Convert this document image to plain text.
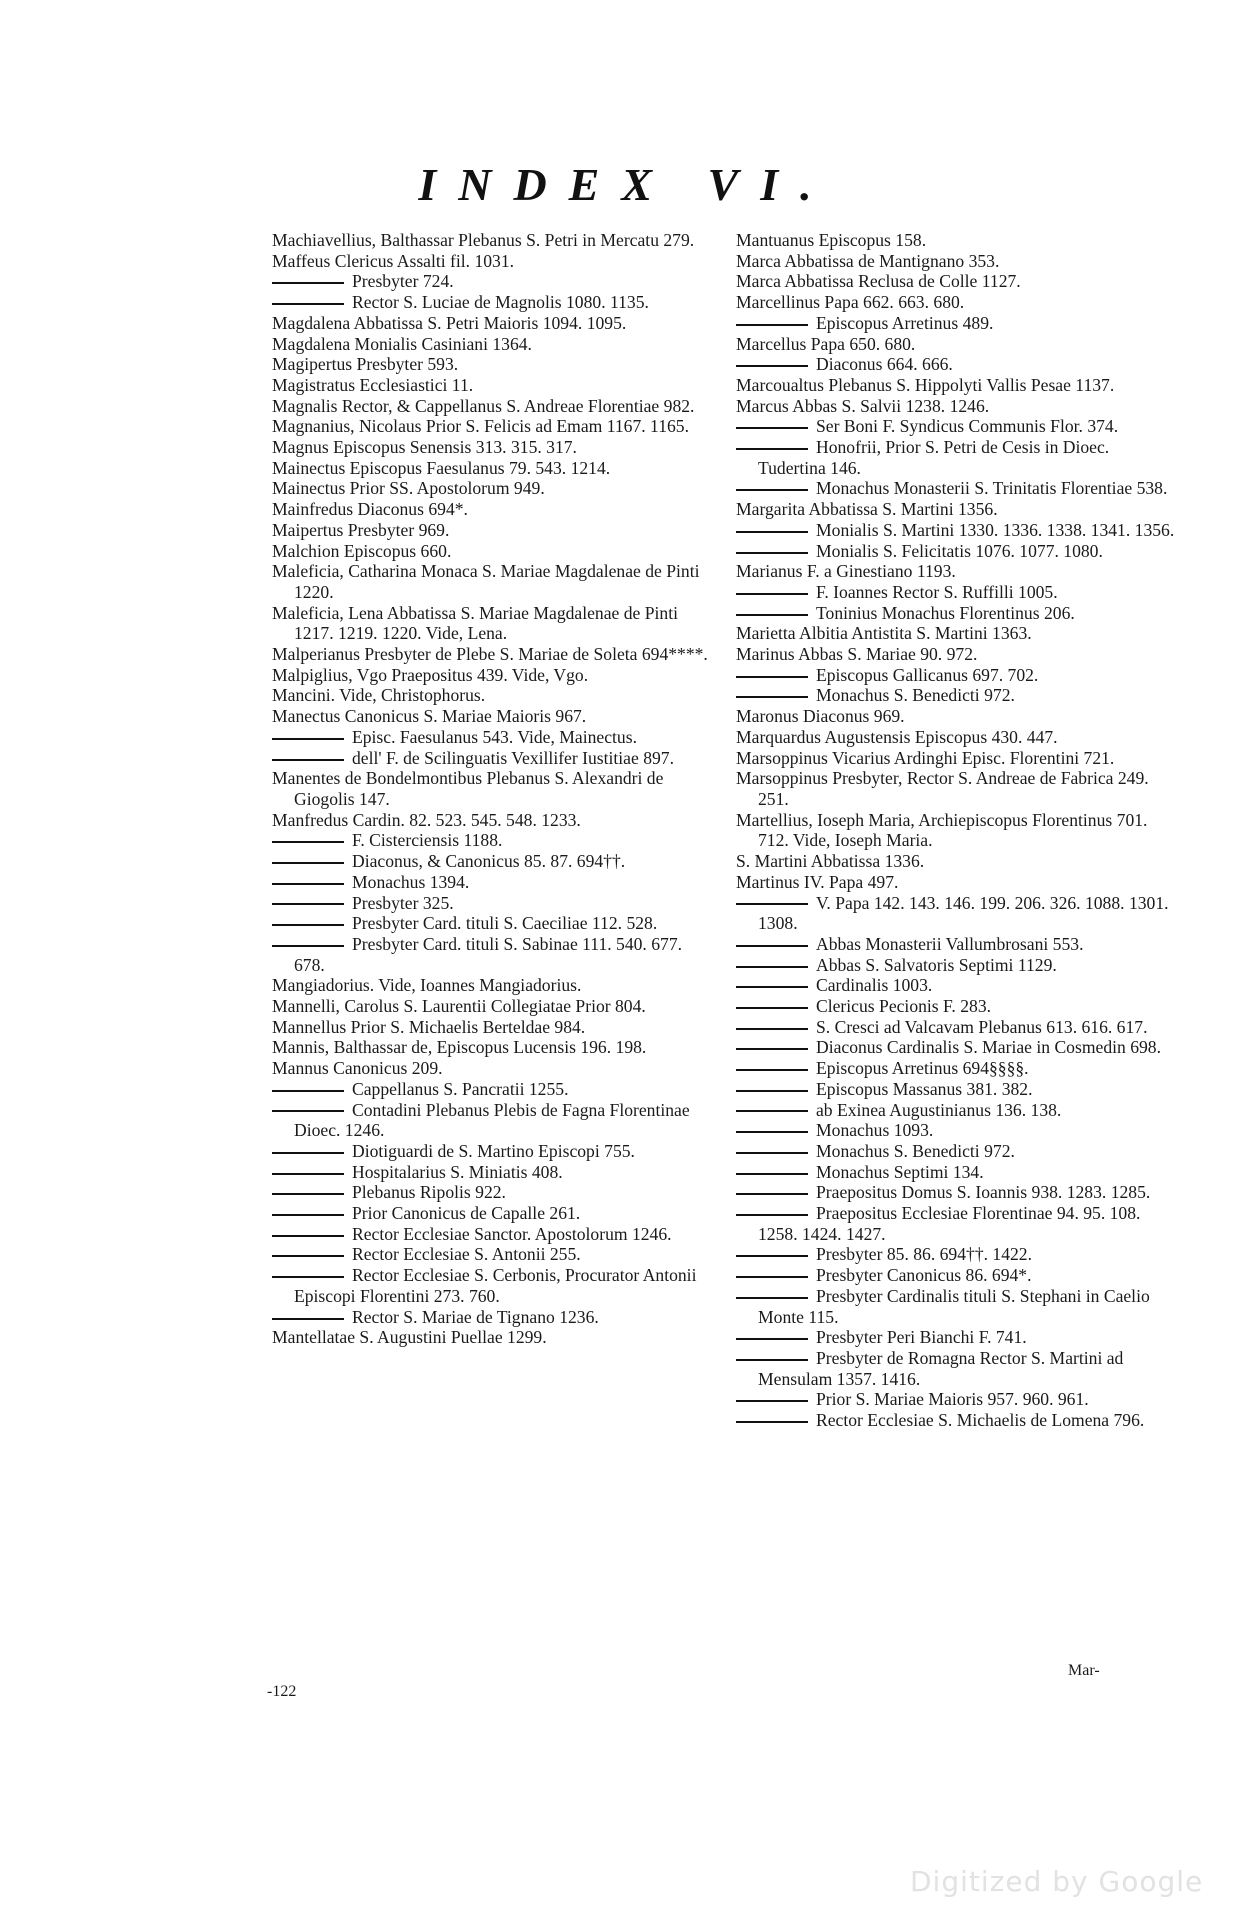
INDEX VI.

Machiavellius, Balthassar Plebanus S. Petri in Mercatu 279.

Maffeus Clericus Assalti fil. 1031.

Presbyter 724.

Rector S. Luciae de Magnolis 1080. 1135.

Magdalena Abbatissa S. Petri Maioris 1094. 1095.

Magdalena Monialis Casiniani 1364.

Magipertus Presbyter 593.

Magistratus Ecclesiastici 11.

Magnalis Rector, & Cappellanus S. Andreae Florentiae 982.

Magnanius, Nicolaus Prior S. Felicis ad Emam 1167. 1165.

Magnus Episcopus Senensis 313. 315. 317.

Mainectus Episcopus Faesulanus 79. 543. 1214.

Mainectus Prior SS. Apostolorum 949.

Mainfredus Diaconus 694*.

Maipertus Presbyter 969.

Malchion Episcopus 660.

Maleficia, Catharina Monaca S. Mariae Magdalenae de Pinti 1220.

Maleficia, Lena Abbatissa S. Mariae Magdalenae de Pinti 1217. 1219. 1220. Vide, Lena.

Malperianus Presbyter de Plebe S. Mariae de Soleta 694****.

Malpiglius, Vgo Praepositus 439. Vide, Vgo.

Mancini. Vide, Christophorus.

Manectus Canonicus S. Mariae Maioris 967.

Episc. Faesulanus 543. Vide, Mainectus.

dell' F. de Scilinguatis Vexillifer Iustitiae 897.

Manentes de Bondelmontibus Plebanus S. Alexandri de Giogolis 147.

Manfredus Cardin. 82. 523. 545. 548. 1233.

F. Cisterciensis 1188.

Diaconus, & Canonicus 85. 87. 694††.

Monachus 1394.

Presbyter 325.

Presbyter Card. tituli S. Caeciliae 112. 528.

Presbyter Card. tituli S. Sabinae 111. 540. 677. 678.

Mangiadorius. Vide, Ioannes Mangiadorius.

Mannelli, Carolus S. Laurentii Collegiatae Prior 804.

Mannellus Prior S. Michaelis Berteldae 984.

Mannis, Balthassar de, Episcopus Lucensis 196. 198.

Mannus Canonicus 209.

Cappellanus S. Pancratii 1255.

Contadini Plebanus Plebis de Fagna Florentinae Dioec. 1246.

Diotiguardi de S. Martino Episcopi 755.

Hospitalarius S. Miniatis 408.

Plebanus Ripolis 922.

Prior Canonicus de Capalle 261.

Rector Ecclesiae Sanctor. Apostolorum 1246.

Rector Ecclesiae S. Antonii 255.

Rector Ecclesiae S. Cerbonis, Procurator Antonii Episcopi Florentini 273. 760.

Rector S. Mariae de Tignano 1236.

Mantellatae S. Augustini Puellae 1299.

Mantuanus Episcopus 158.

Marca Abbatissa de Mantignano 353.

Marca Abbatissa Reclusa de Colle 1127.

Marcellinus Papa 662. 663. 680.

Episcopus Arretinus 489.

Marcellus Papa 650. 680.

Diaconus 664. 666.

Marcoualtus Plebanus S. Hippolyti Vallis Pesae 1137.

Marcus Abbas S. Salvii 1238. 1246.

Ser Boni F. Syndicus Communis Flor. 374.

Honofrii, Prior S. Petri de Cesis in Dioec. Tudertina 146.

Monachus Monasterii S. Trinitatis Florentiae 538.

Margarita Abbatissa S. Martini 1356.

Monialis S. Martini 1330. 1336. 1338. 1341. 1356.

Monialis S. Felicitatis 1076. 1077. 1080.

Marianus F. a Ginestiano 1193.

F. Ioannes Rector S. Ruffilli 1005.

Toninius Monachus Florentinus 206.

Marietta Albitia Antistita S. Martini 1363.

Marinus Abbas S. Mariae 90. 972.

Episcopus Gallicanus 697. 702.

Monachus S. Benedicti 972.

Maronus Diaconus 969.

Marquardus Augustensis Episcopus 430. 447.

Marsoppinus Vicarius Ardinghi Episc. Florentini 721.

Marsoppinus Presbyter, Rector S. Andreae de Fabrica 249. 251.

Martellius, Ioseph Maria, Archiepiscopus Florentinus 701. 712. Vide, Ioseph Maria.

S. Martini Abbatissa 1336.

Martinus IV. Papa 497.

V. Papa 142. 143. 146. 199. 206. 326. 1088. 1301. 1308.

Abbas Monasterii Vallumbrosani 553.

Abbas S. Salvatoris Septimi 1129.

Cardinalis 1003.

Clericus Pecionis F. 283.

S. Cresci ad Valcavam Plebanus 613. 616. 617.

Diaconus Cardinalis S. Mariae in Cosmedin 698.

Episcopus Arretinus 694§§§§.

Episcopus Massanus 381. 382.

ab Exinea Augustinianus 136. 138.

Monachus 1093.

Monachus S. Benedicti 972.

Monachus Septimi 134.

Praepositus Domus S. Ioannis 938. 1283. 1285.

Praepositus Ecclesiae Florentinae 94. 95. 108. 1258. 1424. 1427.

Presbyter 85. 86. 694††. 1422.

Presbyter Canonicus 86. 694*.

Presbyter Cardinalis tituli S. Stephani in Caelio Monte 115.

Presbyter Peri Bianchi F. 741.

Presbyter de Romagna Rector S. Martini ad Mensulam 1357. 1416.

Prior S. Mariae Maioris 957. 960. 961.

Rector Ecclesiae S. Michaelis de Lomena 796.

Mar-
-122
Digitized by Google
